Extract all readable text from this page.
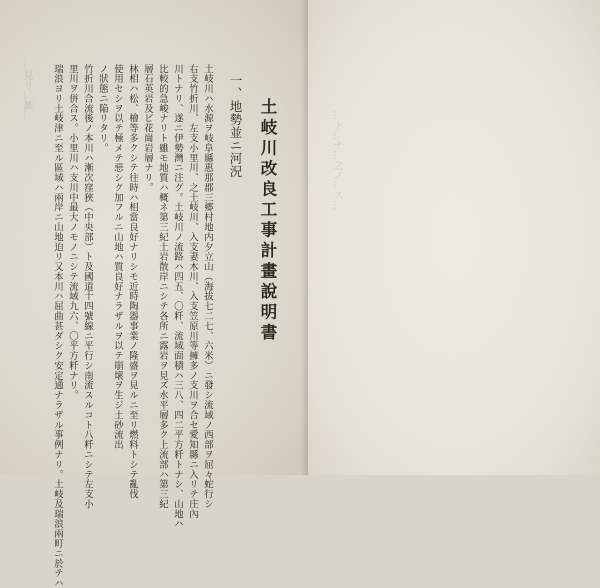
土岐川改良工事計畫說明書
一、地勢並ニ河況
土岐川ハ水源ヲ岐阜縣惠那郡三郷村地内夕立山（海拔七二七、六米）ニ發シ流域ノ西部ヲ屈々蛇行シ
右支竹折川、左支小里川、之土岐川、入支妻木川、入支笠原川等擁多ノ支川ヲ合セ愛知縣ニ入リテ庄內
川トナリ、遂ニ伊勢灣ニ注グ。土岐川ノ流路ハ四五、〇粁、流域面積ハ三八、四二平方粁トナシ、山地ハ
比較的急峻ナリト雖モ地質ハ概ネ第三紀土岩散岸ニシテ各所ニ露岩ヲ見ズ水平層多ク上流部ハ第三紀
層石英岩及ビ花崗岩層ナリ。
林相ハ松、檜等多クシテ往時ハ相當良好ナリシモ近時陶器事業ノ隆盛ヲ見ルニ至リ燃料トシテ亂伐
使用セシヲ以テ極メテ惡シク加フルニ山地ハ質良好ナラザルヲ以テ崩壞ヲ生ジ土砂流出
ノ狀態ニ陥リタリ。
竹折川合流後ノ本川ハ漸次窪狹（中央部）ト及國道十四號線ニ平行シ南流スルコト八粁ニシテ左支小
里川ヲ併合ス。小里川ハ支川中最大ノモノニシテ流域九六、〇平方粁ナリ。
瑞浪ヨリ土岐津ニ至ル區域ハ兩岸ニ山地迫リ又本川ハ屈曲甚ダシク安定通ナラザル事例ナリ。土岐及瑞浪兩町ニ於テハ
…見リ…雑…
…ト…ナ…之ノ…ス…
